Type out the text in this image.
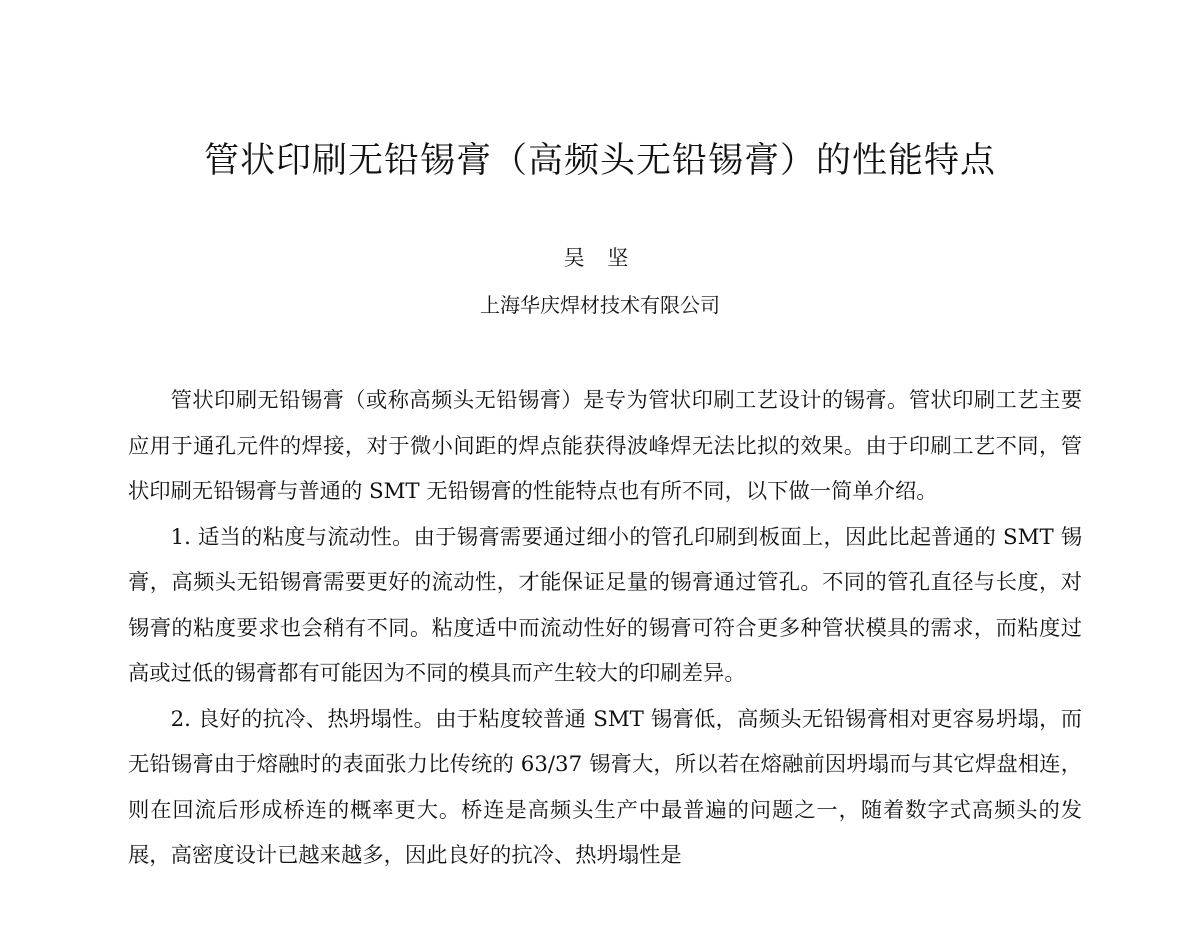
管状印刷无铅锡膏（高频头无铅锡膏）的性能特点
吴 坚
上海华庆焊材技术有限公司

管状印刷无铅锡膏（或称高频头无铅锡膏）是专为管状印刷工艺设计的锡膏。管状印刷工艺主要应用于通孔元件的焊接，对于微小间距的焊点能获得波峰焊无法比拟的效果。由于印刷工艺不同，管状印刷无铅锡膏与普通的 SMT 无铅锡膏的性能特点也有所不同，以下做一简单介绍。

1. 适当的粘度与流动性。由于锡膏需要通过细小的管孔印刷到板面上，因此比起普通的 SMT 锡膏，高频头无铅锡膏需要更好的流动性，才能保证足量的锡膏通过管孔。不同的管孔直径与长度，对锡膏的粘度要求也会稍有不同。粘度适中而流动性好的锡膏可符合更多种管状模具的需求，而粘度过高或过低的锡膏都有可能因为不同的模具而产生较大的印刷差异。

2. 良好的抗冷、热坍塌性。由于粘度较普通 SMT 锡膏低，高频头无铅锡膏相对更容易坍塌，而无铅锡膏由于熔融时的表面张力比传统的 63/37 锡膏大，所以若在熔融前因坍塌而与其它焊盘相连，则在回流后形成桥连的概率更大。桥连是高频头生产中最普遍的问题之一，随着数字式高频头的发展，高密度设计已越来越多，因此良好的抗冷、热坍塌性是
